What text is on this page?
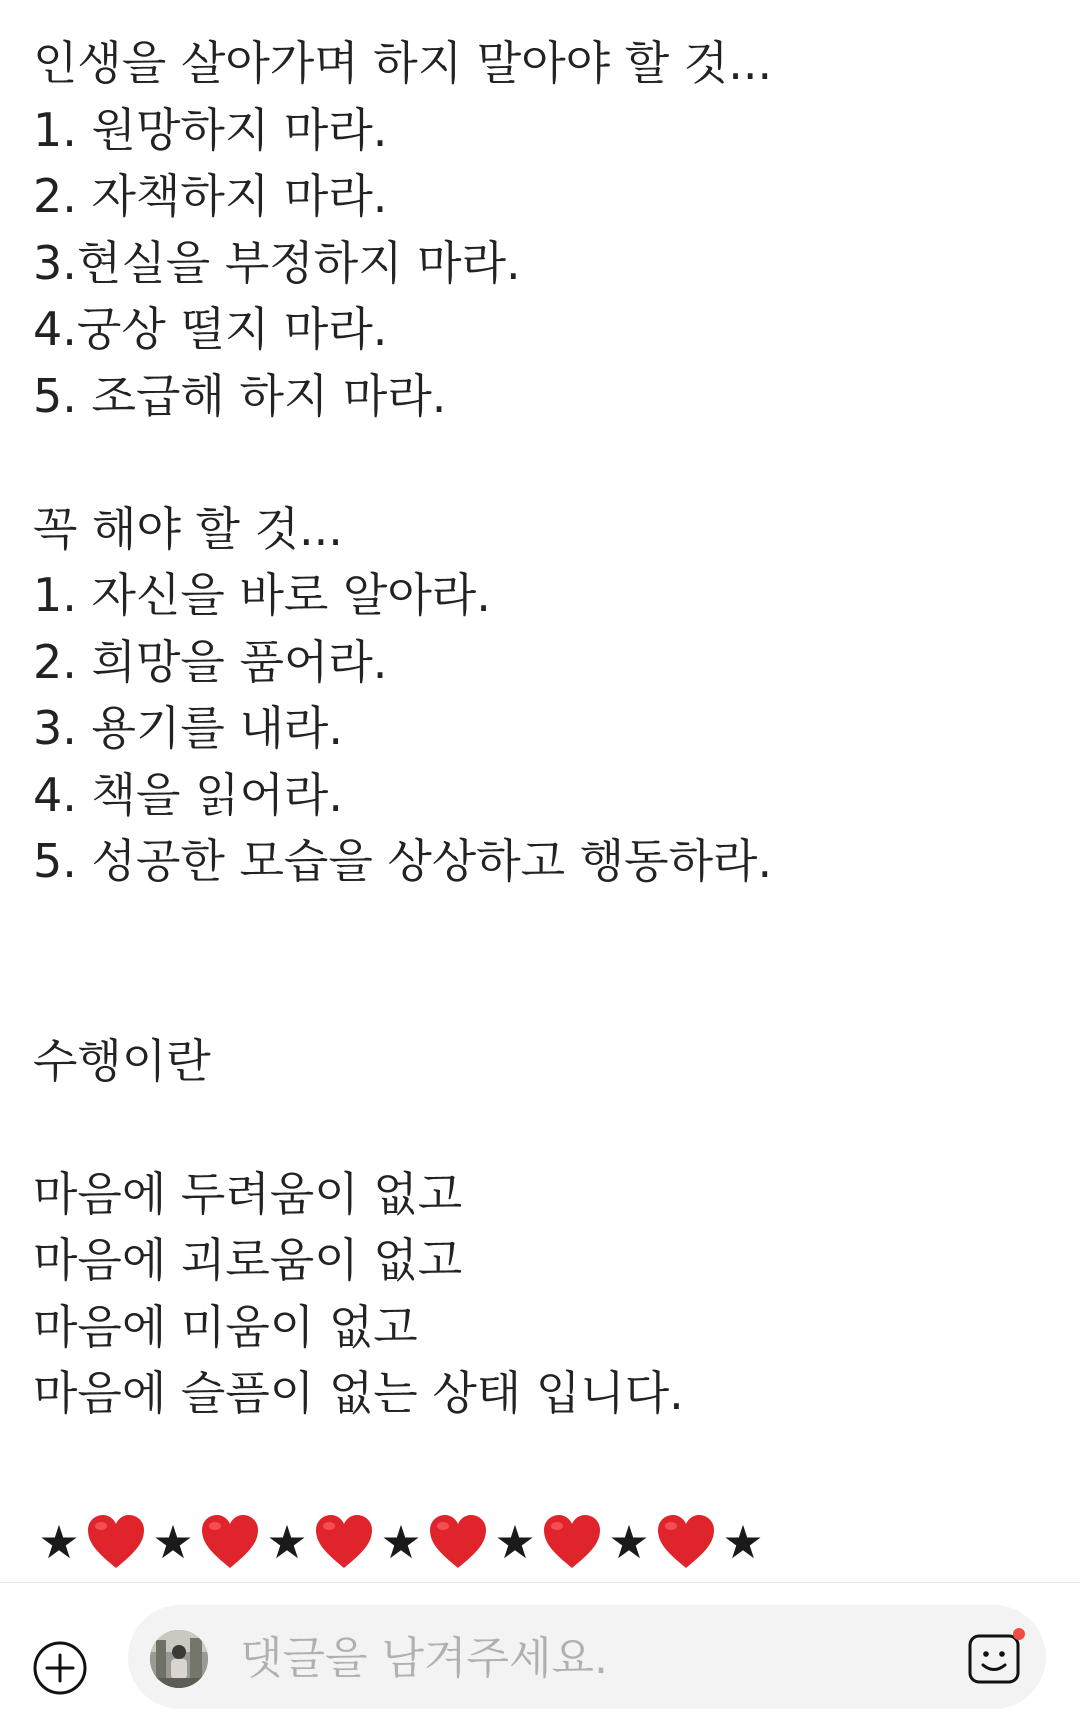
인생을 살아가며 하지 말아야 할 것...
1. 원망하지 마라.
2. 자책하지 마라.
3.현실을 부정하지 마라.
4.궁상 떨지 마라.
5. 조급해 하지 마라.
꼭 해야 할 것...
1. 자신을 바로 알아라.
2. 희망을 품어라.
3. 용기를 내라.
4. 책을 읽어라.
5. 성공한 모습을 상상하고 행동하라.
수행이란
마음에 두려움이 없고
마음에 괴로움이 없고
마음에 미움이 없고
마음에 슬픔이 없는 상태 입니다.
★ ★ ★ ★ ★ ★ ★
댓글을 남겨주세요.
